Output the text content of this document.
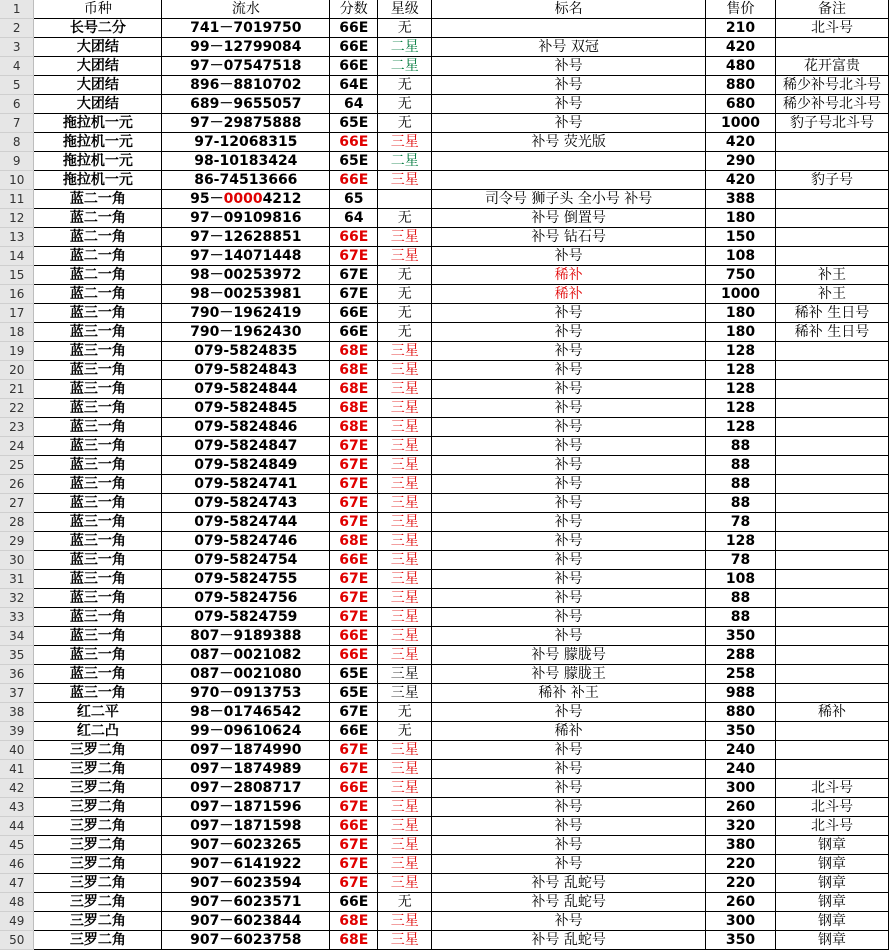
1	币种	流水	分数	星级	标名	售价	备注
2	长号二分	741－7019750	66E	无		210	北斗号
3	大团结	99－12799084	66E	二星	补号 双冠	420	
4	大团结	97－07547518	66E	二星	补号	480	花开富贵
5	大团结	896－8810702	64E	无	补号	880	稀少补号北斗号
6	大团结	689－9655057	64	无	补号	680	稀少补号北斗号
7	拖拉机一元	97－29875888	65E	无	补号	1000	豹子号北斗号
8	拖拉机一元	97-12068315	66E	三星	补号 荧光版	420	
9	拖拉机一元	98-10183424	65E	二星		290	
10	拖拉机一元	86-74513666	66E	三星		420	豹子号
11	蓝二一角	95－00004212	65		司令号 狮子头 全小号 补号	388	
12	蓝二一角	97－09109816	64	无	补号 倒置号	180	
13	蓝二一角	97－12628851	66E	三星	补号 钻石号	150	
14	蓝二一角	97－14071448	67E	三星	补号	108	
15	蓝二一角	98－00253972	67E	无	稀补	750	补王
16	蓝二一角	98－00253981	67E	无	稀补	1000	补王
17	蓝三一角	790－1962419	66E	无	补号	180	稀补 生日号
18	蓝三一角	790－1962430	66E	无	补号	180	稀补 生日号
19	蓝三一角	079-5824835	68E	三星	补号	128	
20	蓝三一角	079-5824843	68E	三星	补号	128	
21	蓝三一角	079-5824844	68E	三星	补号	128	
22	蓝三一角	079-5824845	68E	三星	补号	128	
23	蓝三一角	079-5824846	68E	三星	补号	128	
24	蓝三一角	079-5824847	67E	三星	补号	88	
25	蓝三一角	079-5824849	67E	三星	补号	88	
26	蓝三一角	079-5824741	67E	三星	补号	88	
27	蓝三一角	079-5824743	67E	三星	补号	88	
28	蓝三一角	079-5824744	67E	三星	补号	78	
29	蓝三一角	079-5824746	68E	三星	补号	128	
30	蓝三一角	079-5824754	66E	三星	补号	78	
31	蓝三一角	079-5824755	67E	三星	补号	108	
32	蓝三一角	079-5824756	67E	三星	补号	88	
33	蓝三一角	079-5824759	67E	三星	补号	88	
34	蓝三一角	807－9189388	66E	三星	补号	350	
35	蓝三一角	087－0021082	66E	三星	补号 朦胧号	288	
36	蓝三一角	087－0021080	65E	三星	补号 朦胧王	258	
37	蓝三一角	970－0913753	65E	三星	稀补 补王	988	
38	红二平	98－01746542	67E	无	补号	880	稀补
39	红二凸	99－09610624	66E	无	稀补	350	
40	三罗二角	097－1874990	67E	三星	补号	240	
41	三罗二角	097－1874989	67E	三星	补号	240	
42	三罗二角	097－2808717	66E	三星	补号	300	北斗号
43	三罗二角	097－1871596	67E	三星	补号	260	北斗号
44	三罗二角	097－1871598	66E	三星	补号	320	北斗号
45	三罗二角	907－6023265	67E	三星	补号	380	钢章
46	三罗二角	907－6141922	67E	三星	补号	220	钢章
47	三罗二角	907－6023594	67E	三星	补号 乱蛇号	220	钢章
48	三罗二角	907－6023571	66E	无	补号 乱蛇号	260	钢章
49	三罗二角	907－6023844	68E	三星	补号	300	钢章
50	三罗二角	907－6023758	68E	三星	补号 乱蛇号	350	钢章
